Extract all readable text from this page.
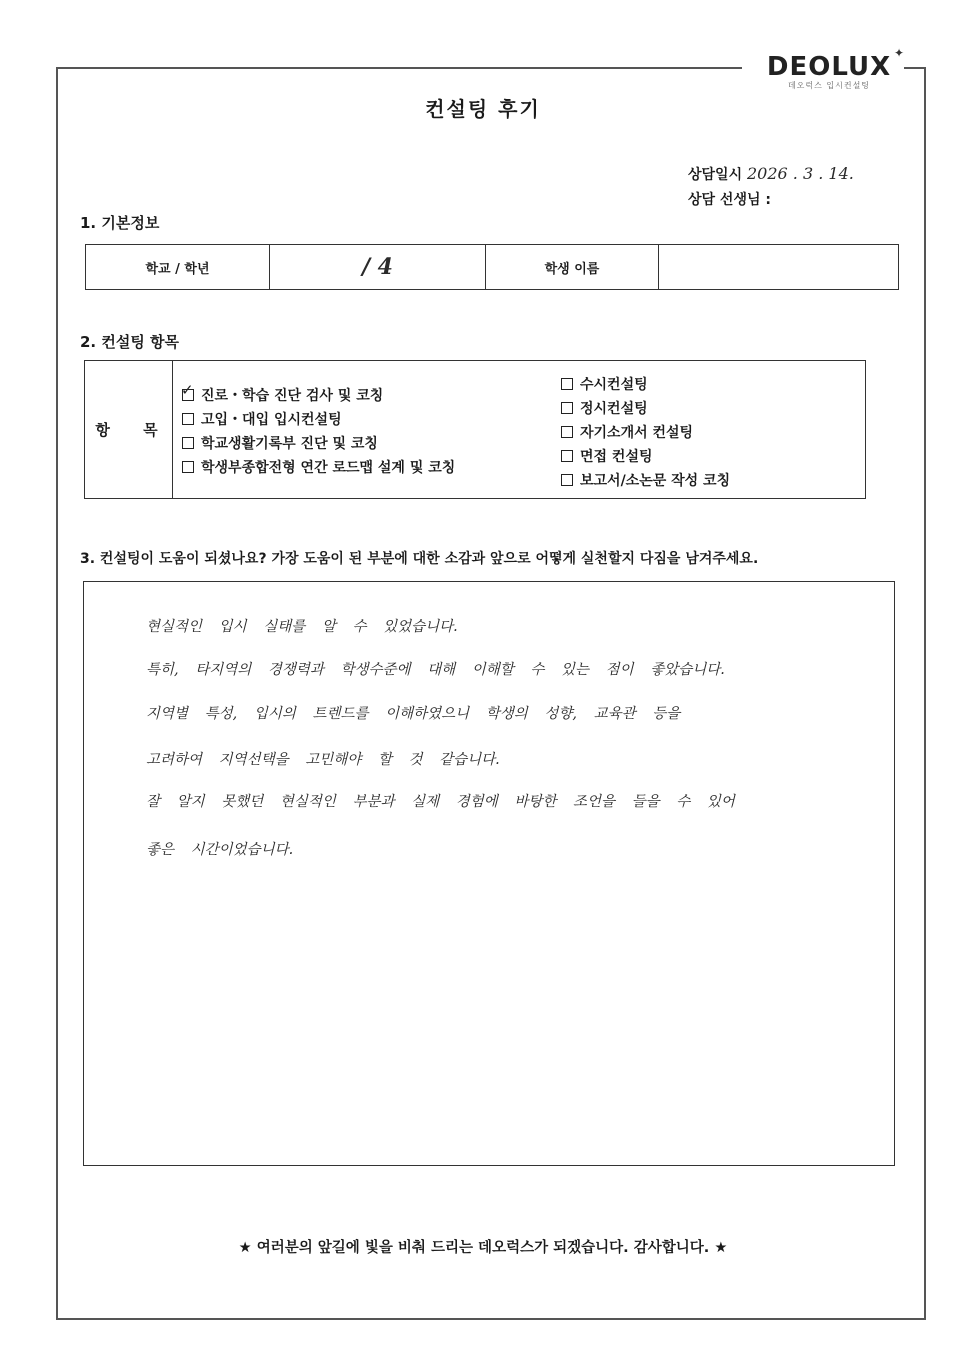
DEOLUX ✦
데오럭스 입시컨설팅
컨설팅 후기
상담일시 2026 . 3 . 14.
상담 선생님 :
1. 기본정보
학교 / 학년	/ 4	학생 이름
2. 컨설팅 항목
항 목
✓ 진로・학습 진단 검사 및 코칭
고입・대입 입시컨설팅
학교생활기록부 진단 및 코칭
학생부종합전형 연간 로드맵 설계 및 코칭
수시컨설팅
정시컨설팅
자기소개서 컨설팅
면접 컨설팅
보고서/소논문 작성 코칭
3. 컨설팅이 도움이 되셨나요? 가장 도움이 된 부분에 대한 소감과 앞으로 어떻게 실천할지 다짐을 남겨주세요.
현실적인 입시 실태를 알 수 있었습니다.
특히, 타지역의 경쟁력과 학생수준에 대해 이해할 수 있는 점이 좋았습니다.
지역별 특성, 입시의 트렌드를 이해하였으니 학생의 성향, 교육관 등을
고려하여 지역선택을 고민해야 할 것 같습니다.
잘 알지 못했던 현실적인 부분과 실제 경험에 바탕한 조언을 들을 수 있어
좋은 시간이었습니다.
★ 여러분의 앞길에 빛을 비춰 드리는 데오럭스가 되겠습니다. 감사합니다. ★
